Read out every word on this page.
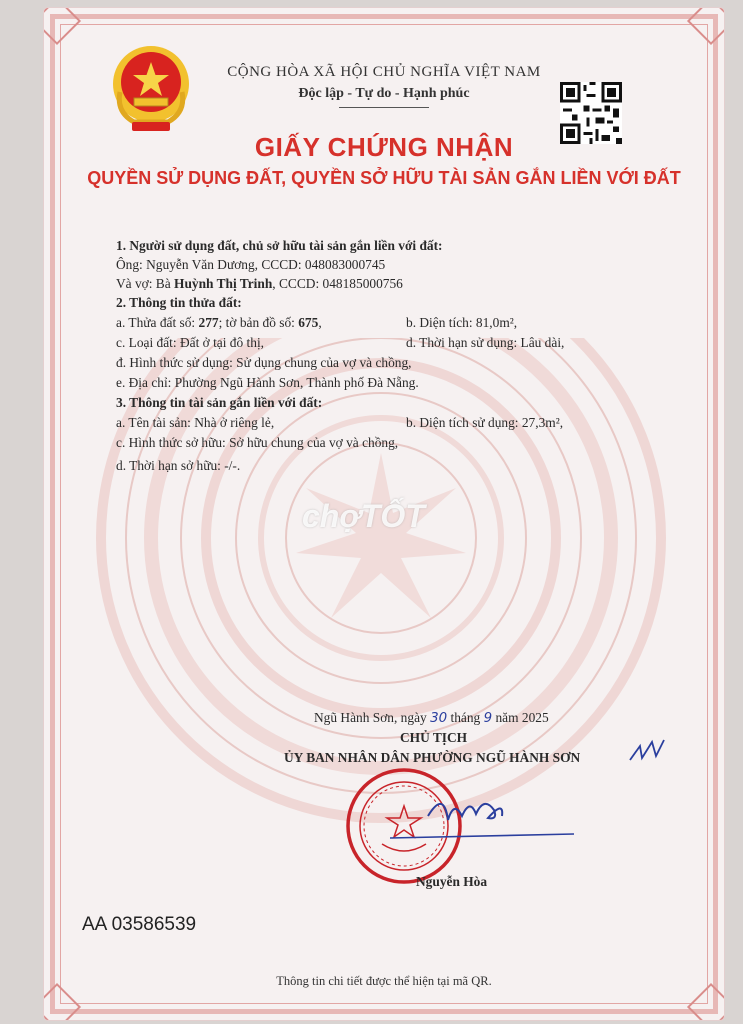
CỘNG HÒA XÃ HỘI CHỦ NGHĨA VIỆT NAM
Độc lập - Tự do - Hạnh phúc
GIẤY CHỨNG NHẬN
QUYỀN SỬ DỤNG ĐẤT, QUYỀN SỞ HỮU TÀI SẢN GẮN LIỀN VỚI ĐẤT
1. Người sử dụng đất, chủ sở hữu tài sản gắn liền với đất:
Ông: Nguyễn Văn Dương, CCCD: 048083000745
Và vợ: Bà Huỳnh Thị Trinh, CCCD: 048185000756
2. Thông tin thửa đất:
a. Thửa đất số: 277; tờ bản đồ số: 675,	b. Diện tích: 81,0m²,
c. Loại đất: Đất ở tại đô thị,	d. Thời hạn sử dụng: Lâu dài,
đ. Hình thức sử dụng: Sử dụng chung của vợ và chồng,
e. Địa chỉ: Phường Ngũ Hành Sơn, Thành phố Đà Nẵng.
3. Thông tin tài sản gắn liền với đất:
a. Tên tài sản: Nhà ở riêng lẻ,	b. Diện tích sử dụng: 27,3m²,
c. Hình thức sở hữu: Sở hữu chung của vợ và chồng,
d. Thời hạn sở hữu: -/-.
chợTỐT
Ngũ Hành Sơn, ngày 30 tháng 9 năm 2025
CHỦ TỊCH
ỦY BAN NHÂN DÂN PHƯỜNG NGŨ HÀNH SƠN
Nguyễn Hòa
AA 03586539
Thông tin chi tiết được thể hiện tại mã QR.
